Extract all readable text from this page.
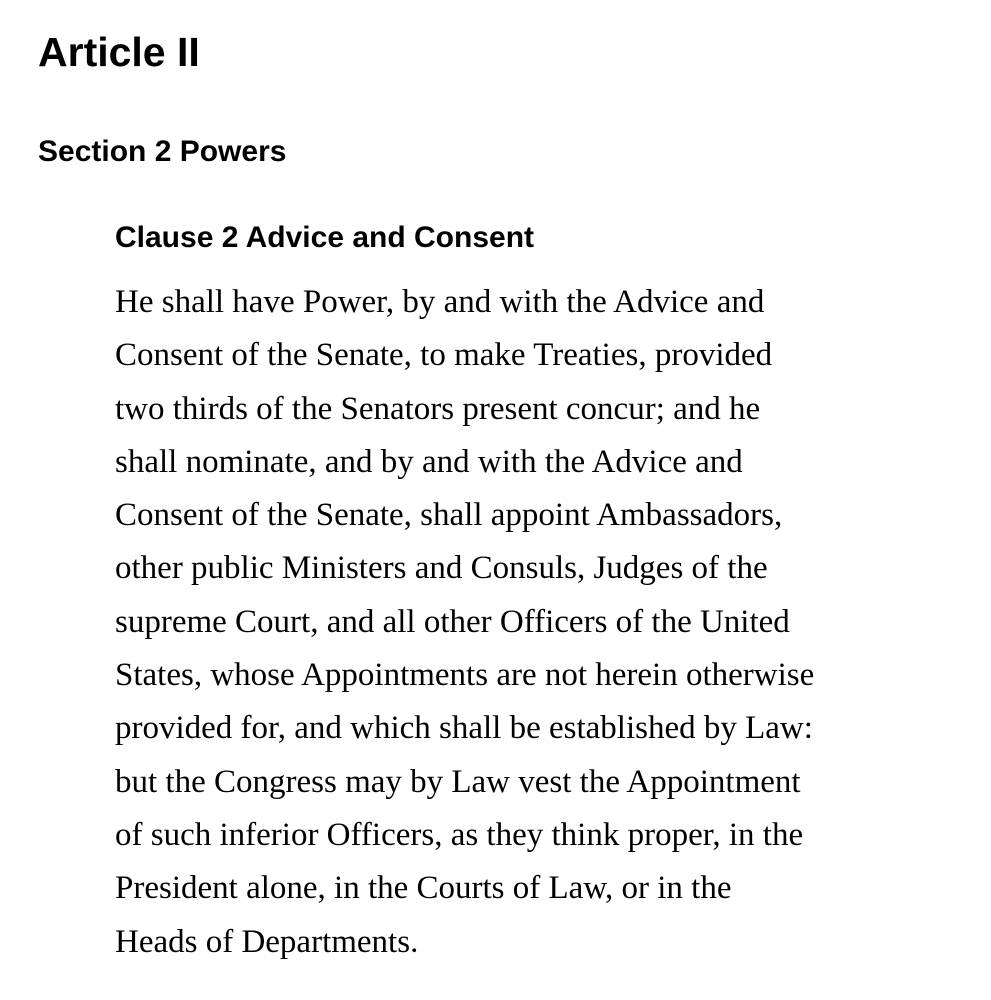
Article II
Section 2 Powers
Clause 2 Advice and Consent

He shall have Power, by and with the Advice and
Consent of the Senate, to make Treaties, provided
two thirds of the Senators present concur; and he
shall nominate, and by and with the Advice and
Consent of the Senate, shall appoint Ambassadors,
other public Ministers and Consuls, Judges of the
supreme Court, and all other Officers of the United
States, whose Appointments are not herein otherwise
provided for, and which shall be established by Law:
but the Congress may by Law vest the Appointment
of such inferior Officers, as they think proper, in the
President alone, in the Courts of Law, or in the
Heads of Departments.
